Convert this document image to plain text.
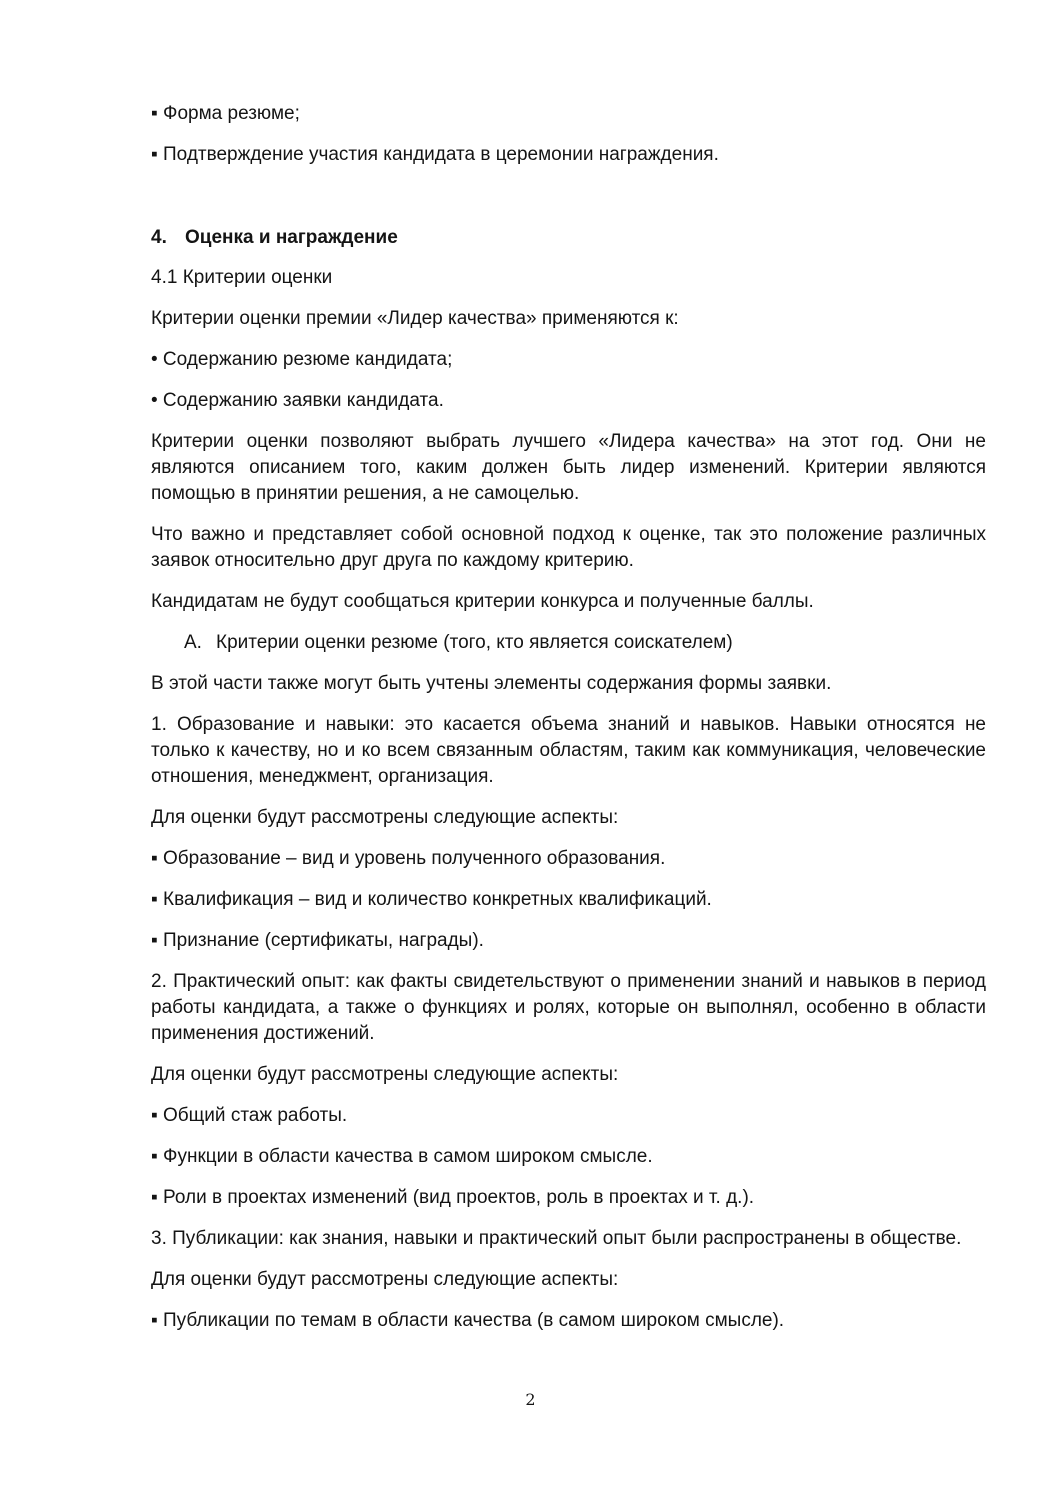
▪ Форма резюме;

▪ Подтверждение участия кандидата в церемонии награждения.

4. Оценка и награждение

4.1 Критерии оценки

Критерии оценки премии «Лидер качества» применяются к:

• Содержанию резюме кандидата;

• Содержанию заявки кандидата.

Критерии оценки позволяют выбрать лучшего «Лидера качества» на этот год. Они не являются описанием того, каким должен быть лидер изменений. Критерии являются помощью в принятии решения, а не самоцелью.

Что важно и представляет собой основной подход к оценке, так это положение различных заявок относительно друг друга по каждому критерию.

Кандидатам не будут сообщаться критерии конкурса и полученные баллы.

A. Критерии оценки резюме (того, кто является соискателем)

В этой части также могут быть учтены элементы содержания формы заявки.

1. Образование и навыки: это касается объема знаний и навыков. Навыки относятся не только к качеству, но и ко всем связанным областям, таким как коммуникация, человеческие отношения, менеджмент, организация.

Для оценки будут рассмотрены следующие аспекты:

▪ Образование – вид и уровень полученного образования.

▪ Квалификация – вид и количество конкретных квалификаций.

▪ Признание (сертификаты, награды).

2. Практический опыт: как факты свидетельствуют о применении знаний и навыков в период работы кандидата, а также о функциях и ролях, которые он выполнял, особенно в области применения достижений.

Для оценки будут рассмотрены следующие аспекты:

▪ Общий стаж работы.

▪ Функции в области качества в самом широком смысле.

▪ Роли в проектах изменений (вид проектов, роль в проектах и т. д.).

3. Публикации: как знания, навыки и практический опыт были распространены в обществе.

Для оценки будут рассмотрены следующие аспекты:

▪ Публикации по темам в области качества (в самом широком смысле).

2
